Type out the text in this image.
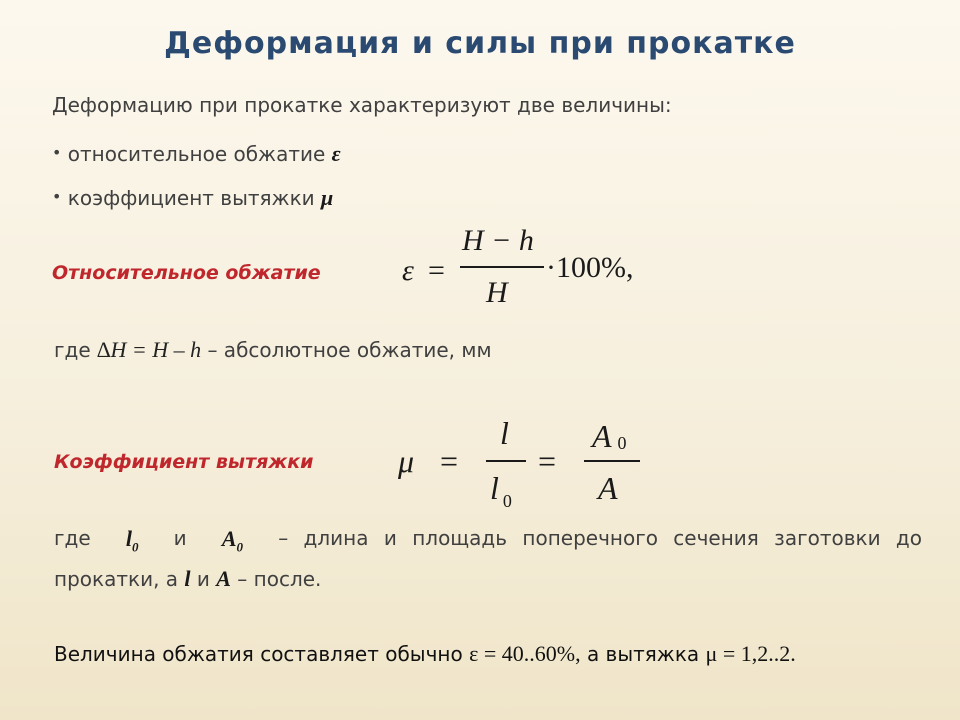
Деформация и силы при прокатке
Деформацию при прокатке характеризуют две величины:
• относительное обжатие ε
• коэффициент вытяжки μ
Относительное обжатие	ε =
H − h
H
·100%,
где ∆H = H – h – абсолютное обжатие, мм
Коэффициент вытяжки	μ =
l
l $_0$
=
A 0
A
где $l_0$ и $A_0$ – длина и площадь поперечного сечения заготовки до
прокатки, а l и A – после.
Величина обжатия составляет обычно ε = 40..60%, а вытяжка μ = 1,2..2.
